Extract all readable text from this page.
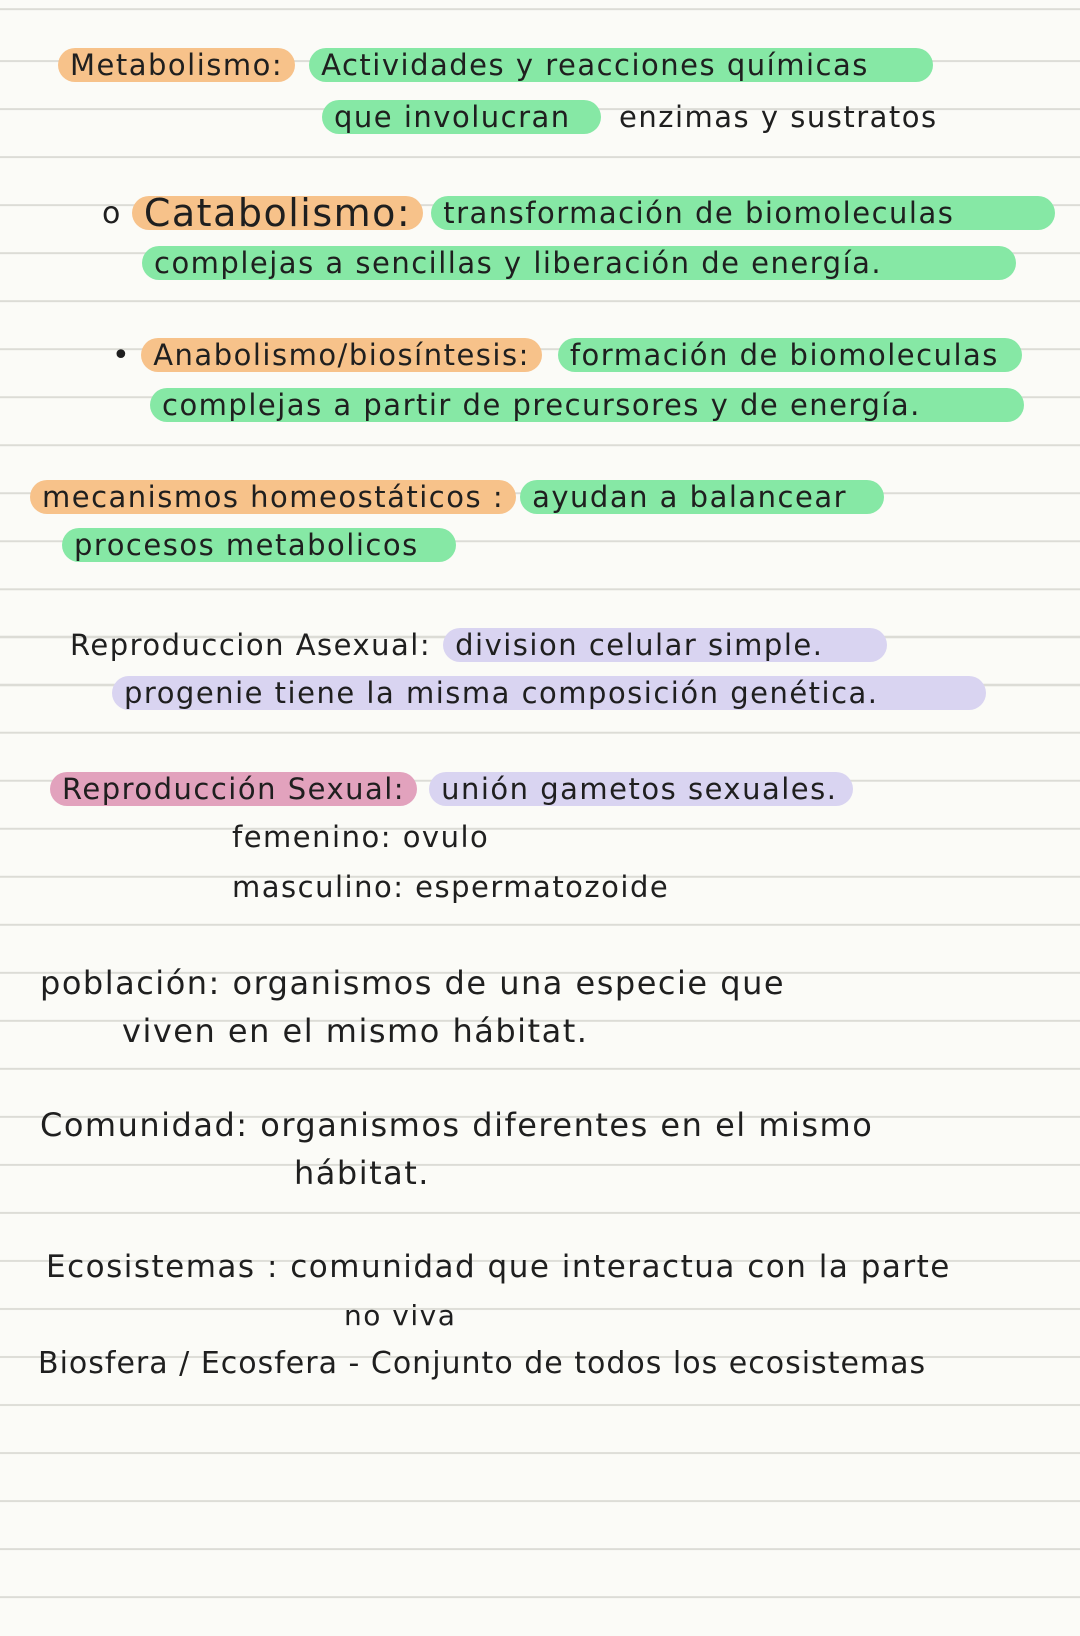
Metabolismo:	Actividades y reacciones químicas
que involucran	enzimas y sustratos
o Catabolismo:	transformación de biomoleculas
complejas a sencillas y liberación de energía.
• Anabolismo/biosíntesis:	formación de biomoleculas
complejas a partir de precursores y de energía.
mecanismos homeostáticos : ayudan a balancear
procesos metabolicos
Reproduccion Asexual: division celular simple.
progenie tiene la misma composición genética.
Reproducción Sexual:	unión gametos sexuales.
femenino: ovulo
masculino: espermatozoide
población: organismos de una especie que
viven en el mismo hábitat.
Comunidad: organismos diferentes en el mismo
hábitat.
Ecosistemas : comunidad que interactua con la parte
no viva
Biosfera / Ecosfera - Conjunto de todos los ecosistemas
